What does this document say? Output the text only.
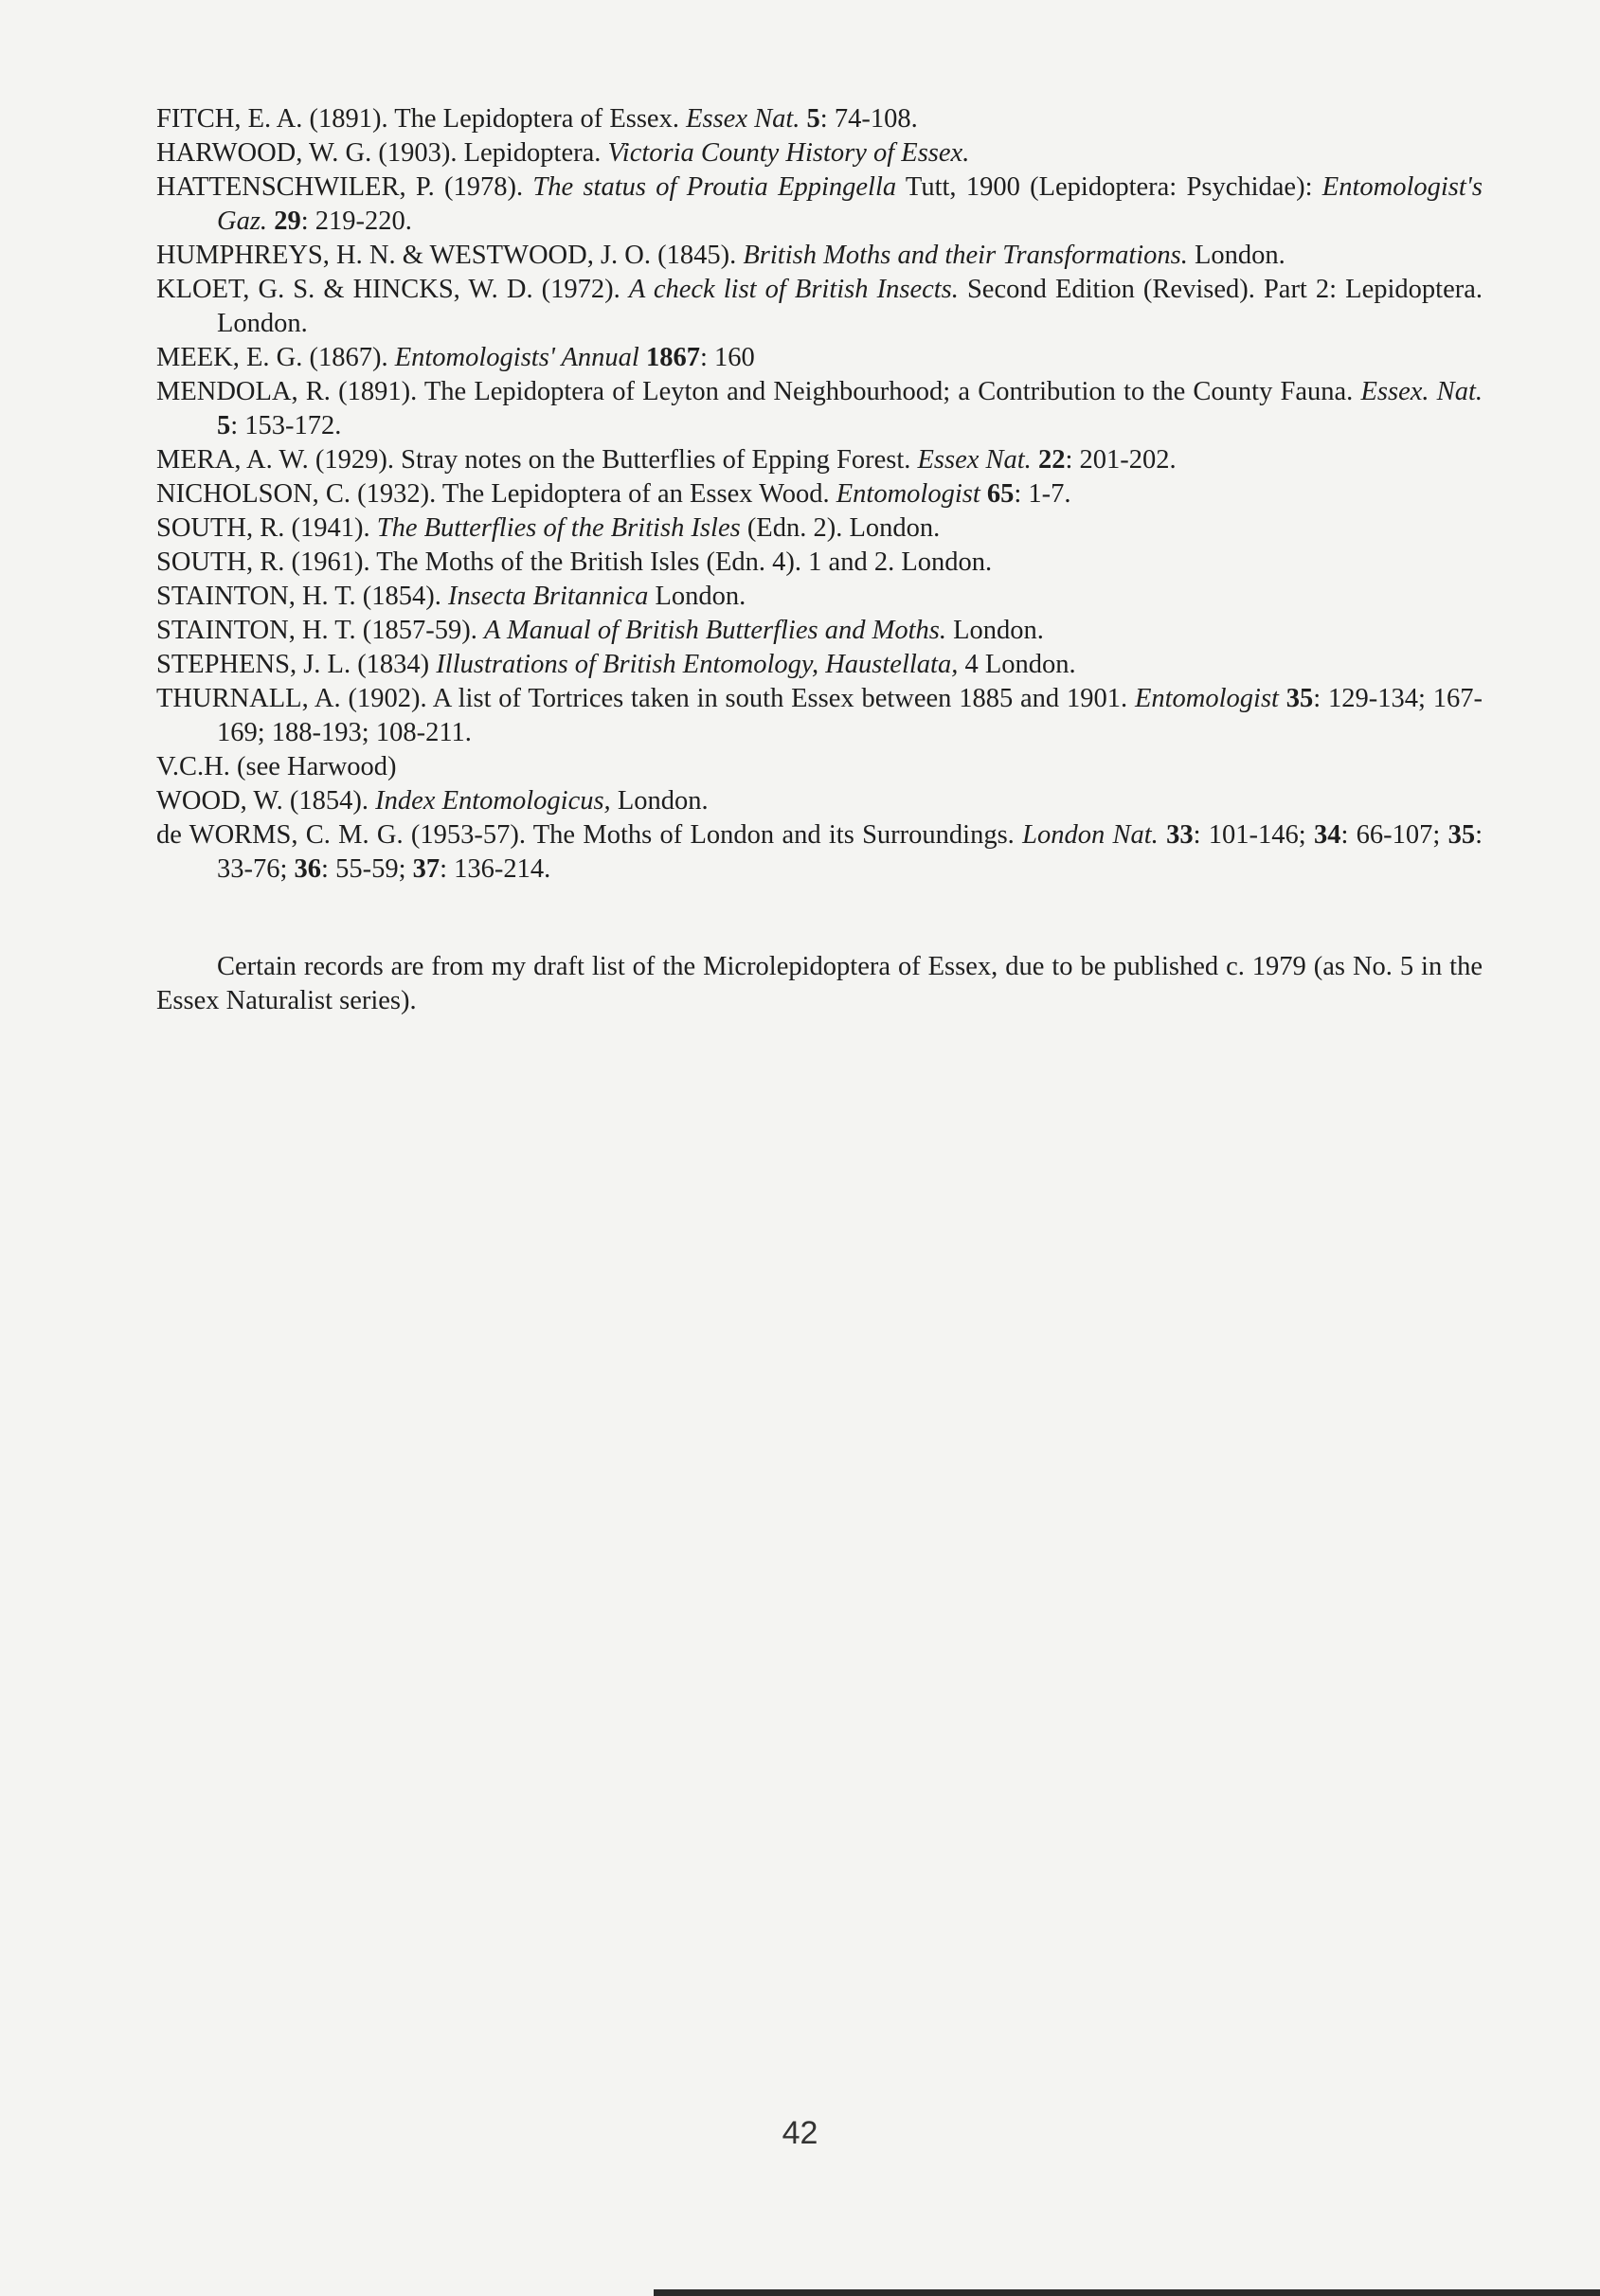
FITCH, E. A. (1891). The Lepidoptera of Essex. Essex Nat. 5: 74-108.

HARWOOD, W. G. (1903). Lepidoptera. Victoria County History of Essex.

HATTENSCHWILER, P. (1978). The status of Proutia Eppingella Tutt, 1900 (Lepidoptera: Psychidae): Entomologist's Gaz. 29: 219-220.

HUMPHREYS, H. N. & WESTWOOD, J. O. (1845). British Moths and their Transformations. London.

KLOET, G. S. & HINCKS, W. D. (1972). A check list of British Insects. Second Edition (Revised). Part 2: Lepidoptera. London.

MEEK, E. G. (1867). Entomologists' Annual 1867: 160

MENDOLA, R. (1891). The Lepidoptera of Leyton and Neighbourhood; a Contribution to the County Fauna. Essex. Nat. 5: 153-172.

MERA, A. W. (1929). Stray notes on the Butterflies of Epping Forest. Essex Nat. 22: 201-202.

NICHOLSON, C. (1932). The Lepidoptera of an Essex Wood. Entomologist 65: 1-7.

SOUTH, R. (1941). The Butterflies of the British Isles (Edn. 2). London.

SOUTH, R. (1961). The Moths of the British Isles (Edn. 4). 1 and 2. London.

STAINTON, H. T. (1854). Insecta Britannica London.

STAINTON, H. T. (1857-59). A Manual of British Butterflies and Moths. London.

STEPHENS, J. L. (1834) Illustrations of British Entomology, Haustellata, 4 London.

THURNALL, A. (1902). A list of Tortrices taken in south Essex between 1885 and 1901. Entomologist 35: 129-134; 167-169; 188-193; 108-211.

V.C.H. (see Harwood)

WOOD, W. (1854). Index Entomologicus, London.

de WORMS, C. M. G. (1953-57). The Moths of London and its Surroundings. London Nat. 33: 101-146; 34: 66-107; 35: 33-76; 36: 55-59; 37: 136-214.

Certain records are from my draft list of the Microlepidoptera of Essex, due to be published c. 1979 (as No. 5 in the Essex Naturalist series).

42
